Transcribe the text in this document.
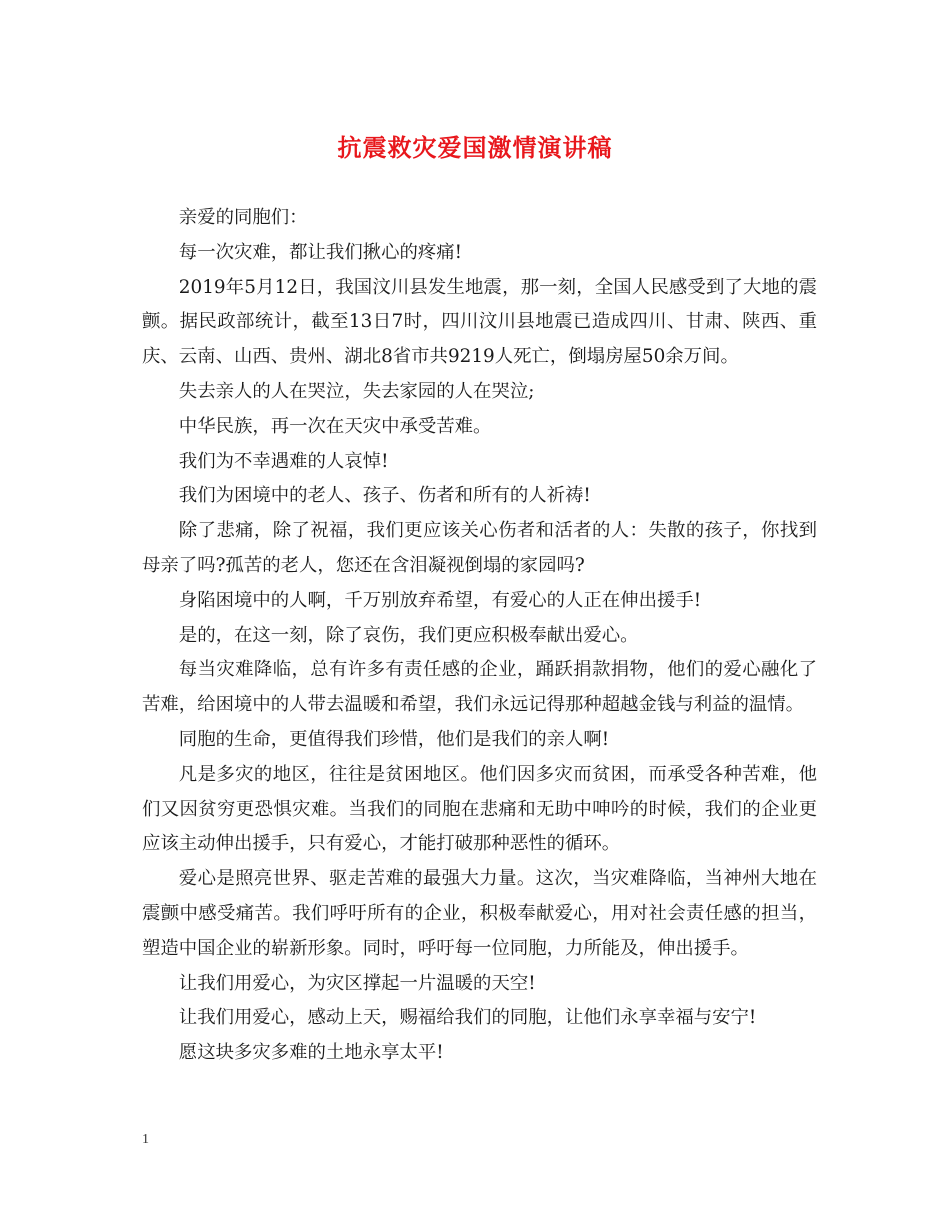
抗震救灾爱国激情演讲稿

亲爱的同胞们：

每一次灾难，都让我们揪心的疼痛!

2019年5月12日，我国汶川县发生地震，那一刻，全国人民感受到了大地的震颤。据民政部统计，截至13日7时，四川汶川县地震已造成四川、甘肃、陕西、重庆、云南、山西、贵州、湖北8省市共9219人死亡，倒塌房屋50余万间。

失去亲人的人在哭泣，失去家园的人在哭泣;

中华民族，再一次在天灾中承受苦难。

我们为不幸遇难的人哀悼!

我们为困境中的老人、孩子、伤者和所有的人祈祷!

除了悲痛，除了祝福，我们更应该关心伤者和活者的人：失散的孩子，你找到母亲了吗?孤苦的老人，您还在含泪凝视倒塌的家园吗?

身陷困境中的人啊，千万别放弃希望，有爱心的人正在伸出援手!

是的，在这一刻，除了哀伤，我们更应积极奉献出爱心。

每当灾难降临，总有许多有责任感的企业，踊跃捐款捐物，他们的爱心融化了苦难，给困境中的人带去温暖和希望，我们永远记得那种超越金钱与利益的温情。

同胞的生命，更值得我们珍惜，他们是我们的亲人啊!

凡是多灾的地区，往往是贫困地区。他们因多灾而贫困，而承受各种苦难，他们又因贫穷更恐惧灾难。当我们的同胞在悲痛和无助中呻吟的时候，我们的企业更应该主动伸出援手，只有爱心，才能打破那种恶性的循环。

爱心是照亮世界、驱走苦难的最强大力量。这次，当灾难降临，当神州大地在震颤中感受痛苦。我们呼吁所有的企业，积极奉献爱心，用对社会责任感的担当，塑造中国企业的崭新形象。同时，呼吁每一位同胞，力所能及，伸出援手。

让我们用爱心，为灾区撑起一片温暖的天空!

让我们用爱心，感动上天，赐福给我们的同胞，让他们永享幸福与安宁!

愿这块多灾多难的土地永享太平!

1
